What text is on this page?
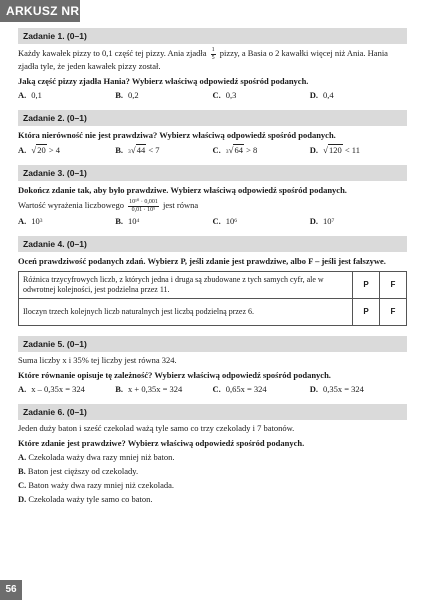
ARKUSZ NR 7	Zadanie 1. (0–1)
Każdy kawałek pizzy to 0,1 część tej pizzy. Ania zjadła $\frac{1}{5}$ pizzy, a Basia o 2 kawałki więcej niż Ania. Hania zjadła tyle, że jeden kawałek pizzy został.
Jaką część pizzy zjadła Hania? Wybierz właściwą odpowiedź spośród podanych.
A. 0,1	B. 0,2	C. 0,3	D. 0,4
Zadanie 2. (0–1)
Która nierówność nie jest prawdziwa? Wybierz właściwą odpowiedź spośród podanych.
A. √ 20
> 4	B. 3 √ 44
< 7	C. 3 √ 64
> 8	D. √ 120
< 11
Zadanie 3. (0–1)
Dokończ zdanie tak, aby było prawdziwe. Wybierz właściwą odpowiedź spośród podanych.
Wartość wyrażenia liczbowego $\frac{\text{10¹⁰ · 0,001}}{\text{0,01 · 10⁵}}$ jest równa
A. 10 3	B. 10 4	C. 10 6	D. 10 7
Zadanie 4. (0–1)
Oceń prawdziwość podanych zdań. Wybierz P, jeśli zdanie jest prawdziwe, albo F – jeśli jest fałszywe.
Różnica trzycyfrowych liczb, z których jedna i druga są zbudowane z tych samych cyfr, ale w odwrotnej kolejności, jest podzielna przez 11.	P	F
Iloczyn trzech kolejnych liczb naturalnych jest liczbą podzielną przez 6.	P	F
Zadanie 5. (0–1)
Suma liczby x i 35% tej liczby jest równa 324.
Które równanie opisuje tę zależność? Wybierz właściwą odpowiedź spośród podanych.
A. x – 0,35x = 324	B. x + 0,35x = 324	C. 0,65x = 324	D. 0,35x = 324
Zadanie 6. (0–1)
Jeden duży baton i sześć czekolad ważą tyle samo co trzy czekolady i 7 batonów.
Które zdanie jest prawdziwe? Wybierz właściwą odpowiedź spośród podanych.
A. Czekolada waży dwa razy mniej niż baton.
B. Baton jest cięższy od czekolady.
C. Baton waży dwa razy mniej niż czekolada.
D. Czekolada waży tyle samo co baton.
56
